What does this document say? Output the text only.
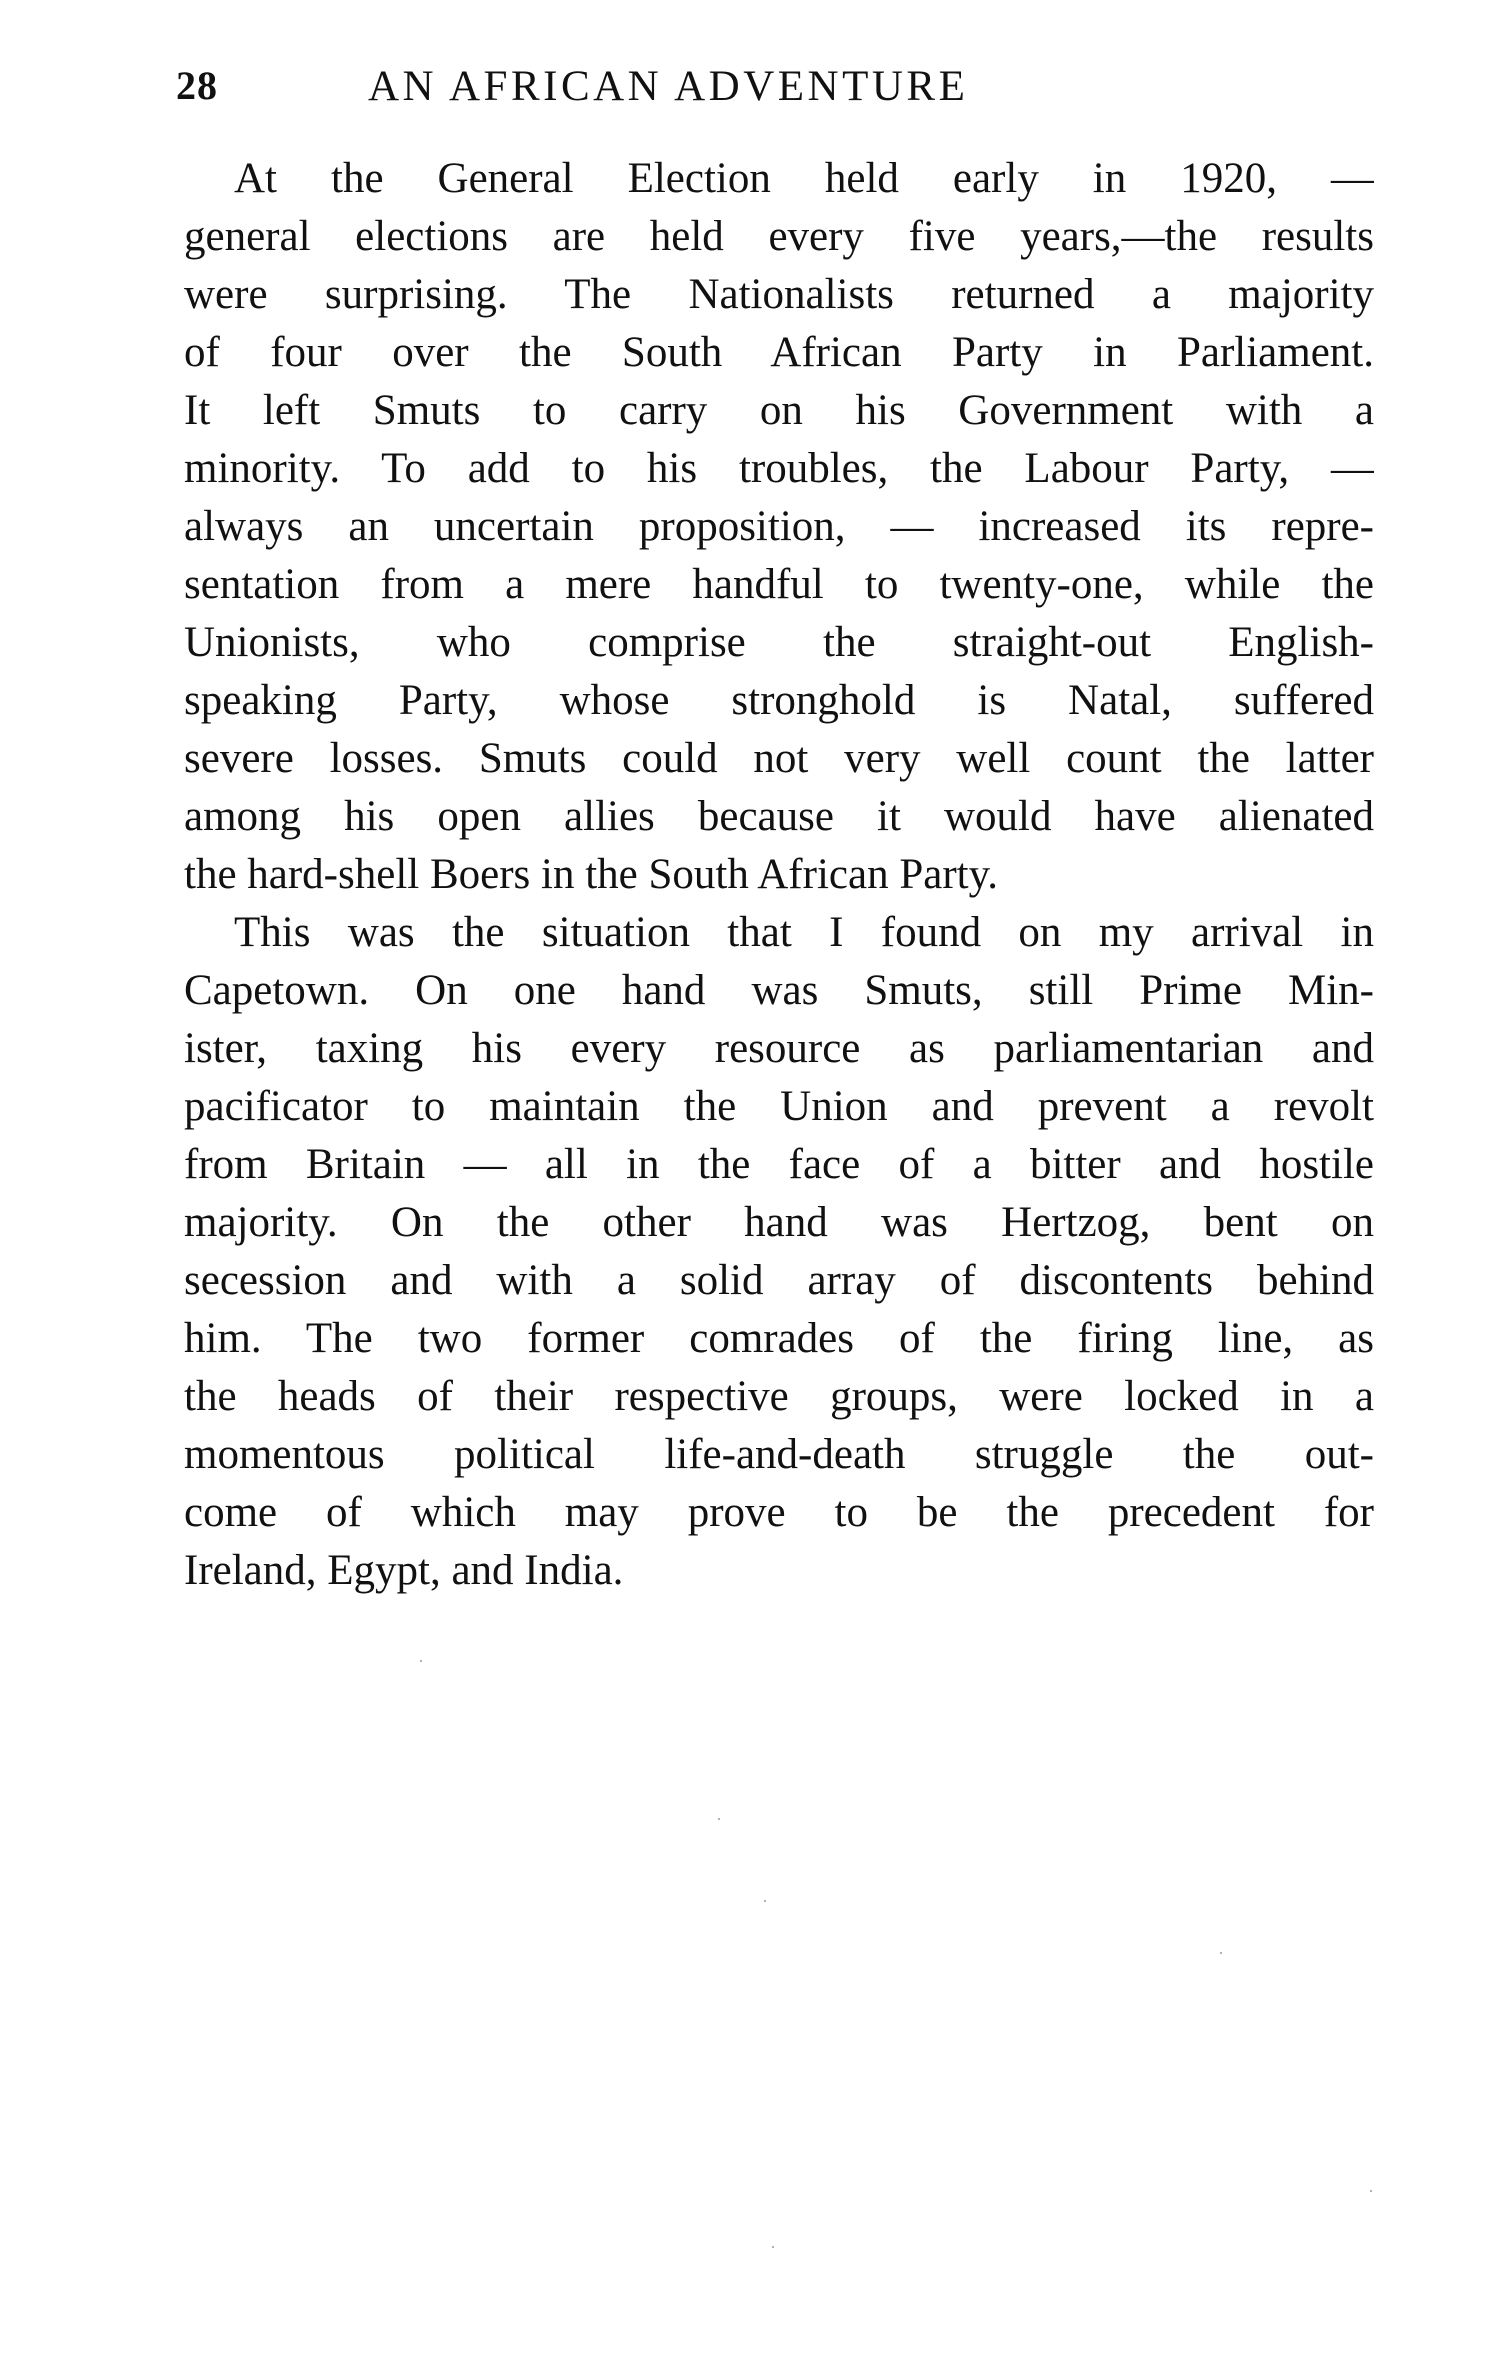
28	AN AFRICAN ADVENTURE
At the General Election held early in 1920, —
general elections are held every five years,—the results
were surprising. The Nationalists returned a majority
of four over the South African Party in Parliament.
It left Smuts to carry on his Government with a
minority. To add to his troubles, the Labour Party, —
always an uncertain proposition, — increased its repre-
sentation from a mere handful to twenty-one, while the
Unionists, who comprise the straight-out English-
speaking Party, whose stronghold is Natal, suffered
severe losses. Smuts could not very well count the latter
among his open allies because it would have alienated
the hard-shell Boers in the South African Party.
This was the situation that I found on my arrival in
Capetown. On one hand was Smuts, still Prime Min-
ister, taxing his every resource as parliamentarian and
pacificator to maintain the Union and prevent a revolt
from Britain — all in the face of a bitter and hostile
majority. On the other hand was Hertzog, bent on
secession and with a solid array of discontents behind
him. The two former comrades of the firing line, as
the heads of their respective groups, were locked in a
momentous political life-and-death struggle the out-
come of which may prove to be the precedent for
Ireland, Egypt, and India.
